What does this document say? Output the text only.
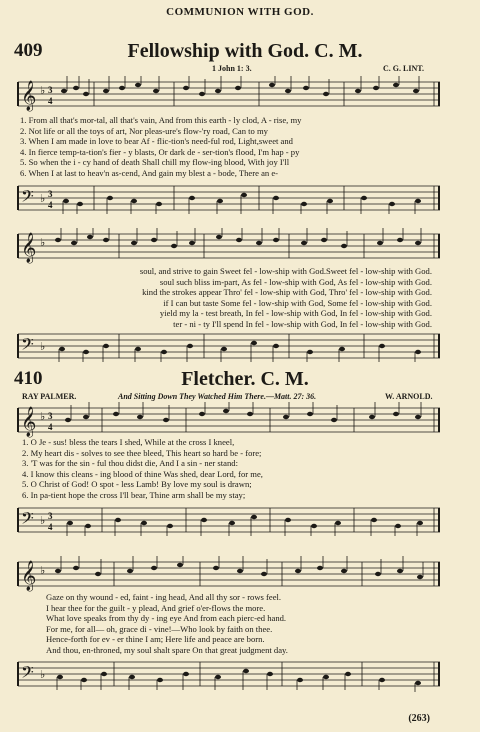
COMMUNION WITH GOD.
409	Fellowship with God. C. M.
1 John 1: 3.	C. G. LINT.
𝄞 ♭ 3
4
1. From all that's mor-tal, all that's vain, And from this earth - ly clod, A - rise, my
2. Not life or all the toys of art, Nor pleas-ure's flow-'ry road, Can to my
3. When I am made in love to bear Af - flic-tion's need-ful rod, Light,sweet and
4. In fierce temp-ta-tion's fier - y blasts, Or dark de - ser-tion's flood, I'm hap - py
5. So when the i - cy hand of death Shall chill my flow-ing blood, With joy I'll
6. When I at last to heav'n as-cend, And gain my blest a - bode, There an e-
𝄢 ♭ 3
4
𝄞 ♭
soul, and strive to gain Sweet fel - low-ship with God.Sweet fel - low-ship with God.
soul such bliss im-part, As fel - low-ship with God, As fel - low-ship with God.
kind the strokes appear Thro' fel - low-ship with God, Thro' fel - low-ship with God.
if I can but taste Some fel - low-ship with God, Some fel - low-ship with God.
yield my la - test breath, In fel - low-ship with God, In fel - low-ship with God.
ter - ni - ty I'll spend In fel - low-ship with God, In fel - low-ship with God.
𝄢 ♭
410	Fletcher. C. M.
RAY PALMER.	And Sitting Down They Watched Him There.—Matt. 27: 36.	W. ARNOLD.
𝄞 ♭ 3
4
1. O Je - sus! bless the tears I shed, While at the cross I kneel,
2. My heart dis - solves to see thee bleed, This heart so hard be - fore;
3. 'T was for the sin - ful thou didst die, And I a sin - ner stand:
4. I know this cleans - ing blood of thine Was shed, dear Lord, for me,
5. O Christ of God! O spot - less Lamb! By love my soul is drawn;
6. In pa-tient hope the cross I'll bear, Thine arm shall be my stay;
𝄢 ♭ 3
4
𝄞 ♭
Gaze on thy wound - ed, faint - ing head, And all thy sor - rows feel.
I hear thee for the guilt - y plead, And grief o'er-flows the more.
What love speaks from thy dy - ing eye And from each pierc-ed hand.
For me, for all— oh, grace di - vine!—Who look by faith on thee.
Hence-forth for ev - er thine I am; Here life and peace are born.
And thou, en-throned, my soul shalt spare On that great judgment day.
𝄢 ♭
(263)
